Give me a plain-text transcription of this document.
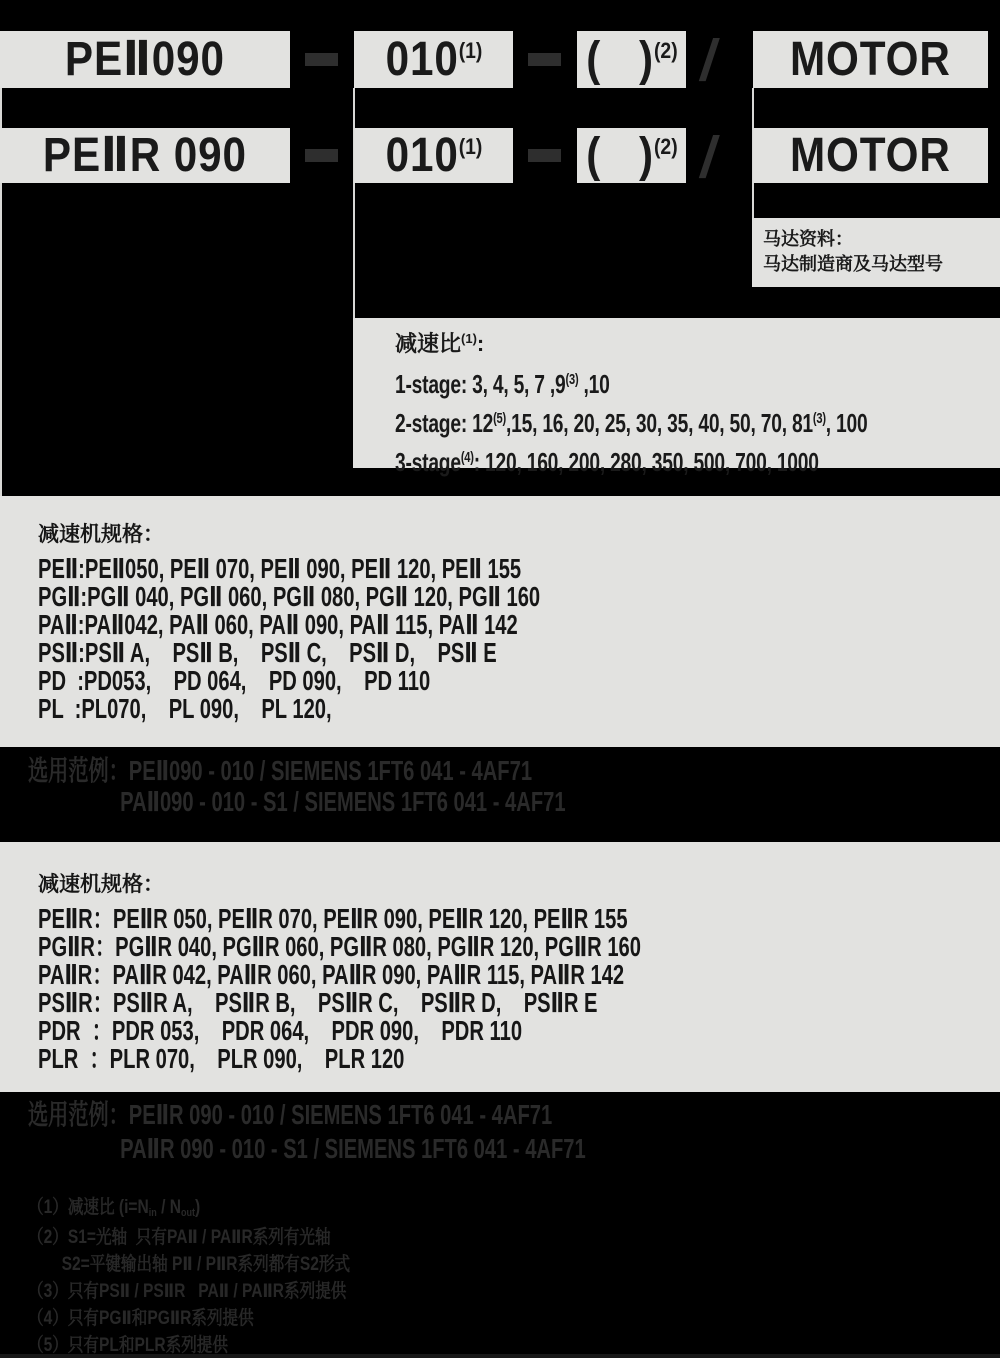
PEⅡ090	010$^{(1)}$ (   )$^{(2)}$ / MOTOR
PEⅡR 090	010$^{(1)}$ (   )$^{(2)}$ / MOTOR
马达资料：
马达制造商及马达型号
减速比$^{(1)}$:
1-stage: 3, 4, 5, 7 ,9$^{(3)}$ ,10
2-stage: 12$^{(5)}$,15, 16, 20, 25, 30, 35, 40, 50, 70, 81$^{(3)}$, 100
3-stage$^{(4)}$: 120, 160, 200, 280, 350, 500, 700, 1000
减速机规格：
PEⅡ:PEⅡ050, PEⅡ 070, PEⅡ 090, PEⅡ 120, PEⅡ 155
PGⅡ:PGⅡ 040, PGⅡ 060, PGⅡ 080, PGⅡ 120, PGⅡ 160
PAⅡ:PAⅡ042, PAⅡ 060, PAⅡ 090, PAⅡ 115, PAⅡ 142
PSⅡ:PSⅡ A,    PSⅡ B,    PSⅡ C,    PSⅡ D,    PSⅡ E
PD  :PD053,    PD 064,    PD 090,    PD 110
PL  :PL070,    PL 090,    PL 120,
选用范例：PEⅡ090 - 010 / SIEMENS 1FT6 041 - 4AF71
PAⅡ090 - 010 - S1 / SIEMENS 1FT6 041 - 4AF71
减速机规格：
PEⅡR：PEⅡR 050, PEⅡR 070, PEⅡR 090, PEⅡR 120, PEⅡR 155
PGⅡR：PGⅡR 040, PGⅡR 060, PGⅡR 080, PGⅡR 120, PGⅡR 160
PAⅡR：PAⅡR 042, PAⅡR 060, PAⅡR 090, PAⅡR 115, PAⅡR 142
PSⅡR：PSⅡR A,    PSⅡR B,    PSⅡR C,    PSⅡR D,    PSⅡR E
PDR  ：PDR 053,    PDR 064,    PDR 090,    PDR 110
PLR  ：PLR 070,    PLR 090,    PLR 120
选用范例：PEⅡR 090 - 010 / SIEMENS 1FT6 041 - 4AF71
PAⅡR 090 - 010 - S1 / SIEMENS 1FT6 041 - 4AF71
（1）减速比 (i=Nin / Nout)
（2）S1=光轴  只有PAⅡ / PAⅡR系列有光轴
S2=平键输出轴 PⅡ / PⅡR系列都有S2形式
（3）只有PSⅡ / PSⅡR   PAⅡ / PAⅡR系列提供
（4）只有PGⅡ和PGⅡR系列提供
（5）只有PL和PLR系列提供
